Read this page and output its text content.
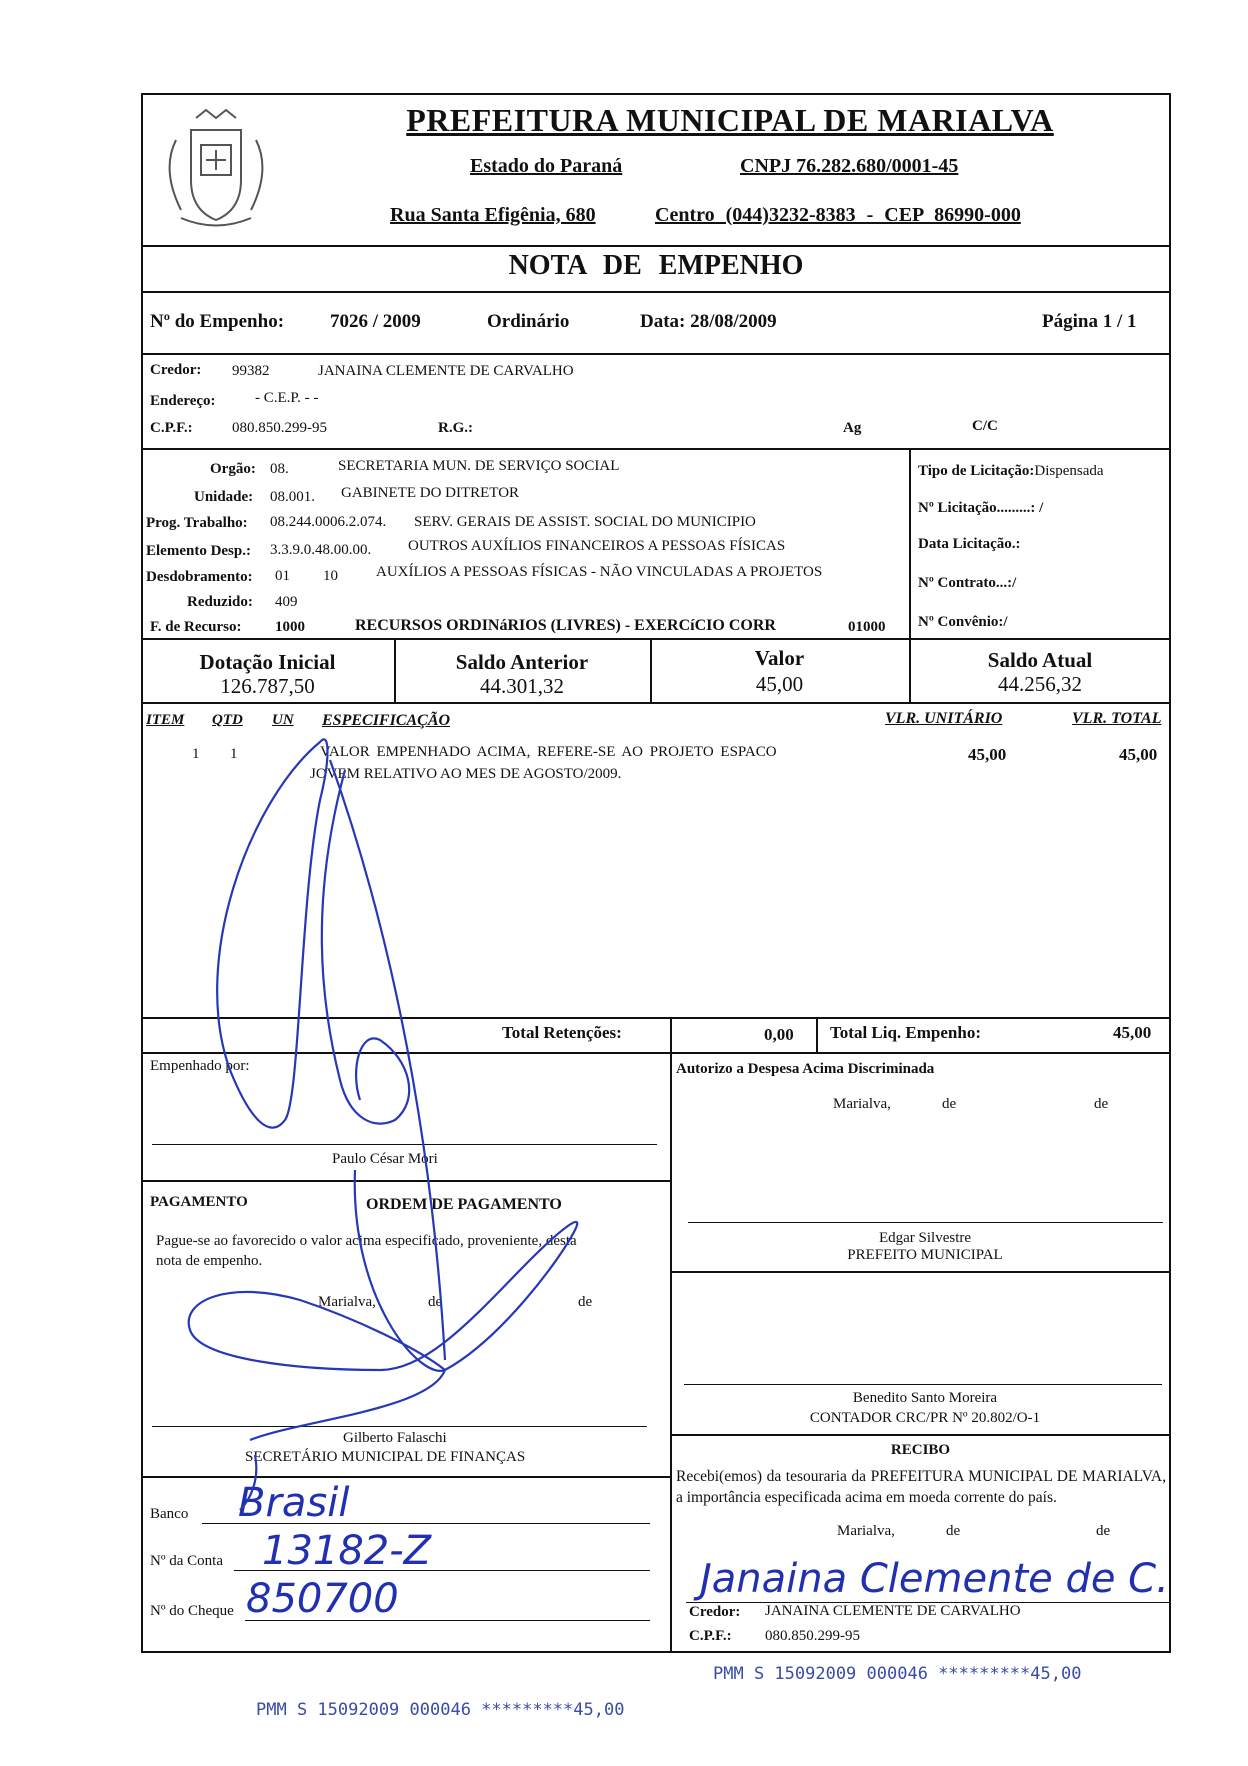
PREFEITURA MUNICIPAL DE MARIALVA
Estado do Paraná	CNPJ 76.282.680/0001-45
Rua Santa Efigênia, 680	Centro (044)3232-8383 - CEP 86990-000
NOTA DE EMPENHO
Nº do Empenho: 7026 / 2009	Ordinário	Data: 28/08/2009	Página 1 / 1
Credor: 99382	JANAINA CLEMENTE DE CARVALHO
Endereço:	- C.E.P. - -
C.P.F.:	080.850.299-95	R.G.:	Ag	C/C
Orgão: 08.	SECRETARIA MUN. DE SERVIÇO SOCIAL
Unidade: 08.001. GABINETE DO DITRETOR
Prog. Trabalho: 08.244.0006.2.074. SERV. GERAIS DE ASSIST. SOCIAL DO MUNICIPIO
Elemento Desp.: 3.3.9.0.48.00.00. OUTROS AUXÍLIOS FINANCEIROS A PESSOAS FÍSICAS
Desdobramento: 01 10	AUXÍLIOS A PESSOAS FÍSICAS - NÃO VINCULADAS A PROJETOS
Reduzido: 409
F. de Recurso: 1000	RECURSOS ORDINáRIOS (LIVRES) - EXERCíCIO CORR	01000
Tipo de Licitação:Dispensada
Nº Licitação.........: /
Data Licitação.:
Nº Contrato...:/
Nº Convênio:/
Dotação Inicial
126.787,50
Saldo Anterior
44.301,32
Valor
45,00
Saldo Atual
44.256,32
ITEM QTD UN ESPECIFICAÇÃO	VLR. UNITÁRIO	VLR. TOTAL
1 1	VALOR EMPENHADO ACIMA, REFERE-SE AO PROJETO ESPACO
JOVEM RELATIVO AO MES DE AGOSTO/2009.
45,00	45,00
Total Retenções:	0,00 Total Liq. Empenho:	45,00
Empenhado por:
Paulo César Mori
PAGAMENTO	ORDEM DE PAGAMENTO
Pague-se ao favorecido o valor acima especificado, proveniente, desta
nota de empenho.
Marialva,	de	de
Gilberto Falaschi
SECRETÁRIO MUNICIPAL DE FINANÇAS
Banco Brasil
Nº da Conta 13182-Z
Nº do Cheque 850700
Autorizo a Despesa Acima Discriminada
Marialva,	de	de
Edgar Silvestre
PREFEITO MUNICIPAL
Benedito Santo Moreira
CONTADOR CRC/PR Nº 20.802/O-1
RECIBO
Recebi(emos) da tesouraria da PREFEITURA MUNICIPAL DE MARIALVA, a importância especificada acima em moeda corrente do país.
Marialva,	de	de
Janaina Clemente de C.
Credor: JANAINA CLEMENTE DE CARVALHO
C.P.F.: 080.850.299-95
PMM S 15092009 000046 *********45,00
PMM S 15092009 000046 *********45,00
